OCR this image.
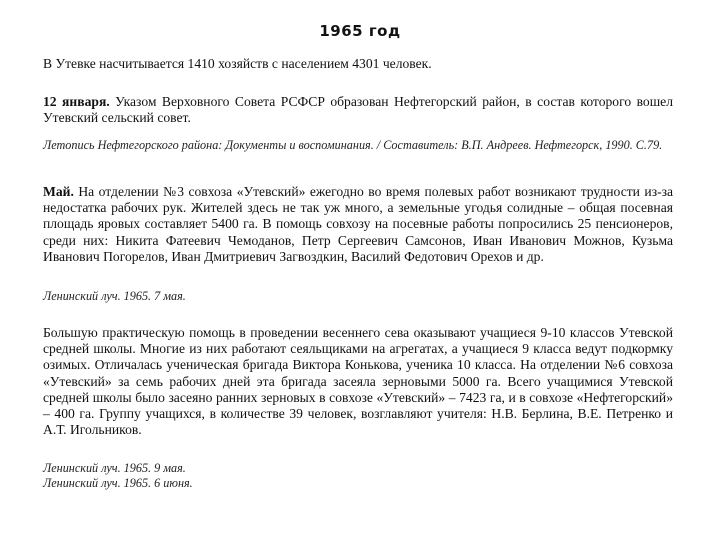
1965 год
В Утевке насчитывается 1410 хозяйств с населением 4301 человек.
12 января. Указом Верховного Совета РСФСР образован Нефтегорский район, в состав которого вошел Утевский сельский совет.
Летопись Нефтегорского района: Документы и воспоминания. / Составитель: В.П. Андреев. Нефтегорск, 1990. С.79.
Май. На отделении №3 совхоза «Утевский» ежегодно во время полевых работ возникают трудности из-за недостатка рабочих рук. Жителей здесь не так уж много, а земельные угодья солидные – общая посевная площадь яровых составляет 5400 га. В помощь совхозу на посевные работы попросились 25 пенсионеров, среди них: Никита Фатеевич Чемоданов, Петр Сергеевич Самсонов, Иван Иванович Можнов, Кузьма Иванович Погорелов, Иван Дмитриевич Загвоздкин, Василий Федотович Орехов и др.
Ленинский луч. 1965. 7 мая.
Большую практическую помощь в проведении весеннего сева оказывают учащиеся 9-10 классов Утевской средней школы. Многие из них работают сеяльщиками на агрегатах, а учащиеся 9 класса ведут подкормку озимых. Отличалась ученическая бригада Виктора Конькова, ученика 10 класса. На отделении №6 совхоза «Утевский» за семь рабочих дней эта бригада засеяла зерновыми 5000 га. Всего учащимися Утевской средней школы было засеяно ранних зерновых в совхозе «Утевский» – 7423 га, и в совхозе «Нефтегорский» – 400 га. Группу учащихся, в количестве 39 человек, возглавляют учителя: Н.В. Берлина, В.Е. Петренко и А.Т. Игольников.
Ленинский луч. 1965. 9 мая.
Ленинский луч. 1965. 6 июня.
